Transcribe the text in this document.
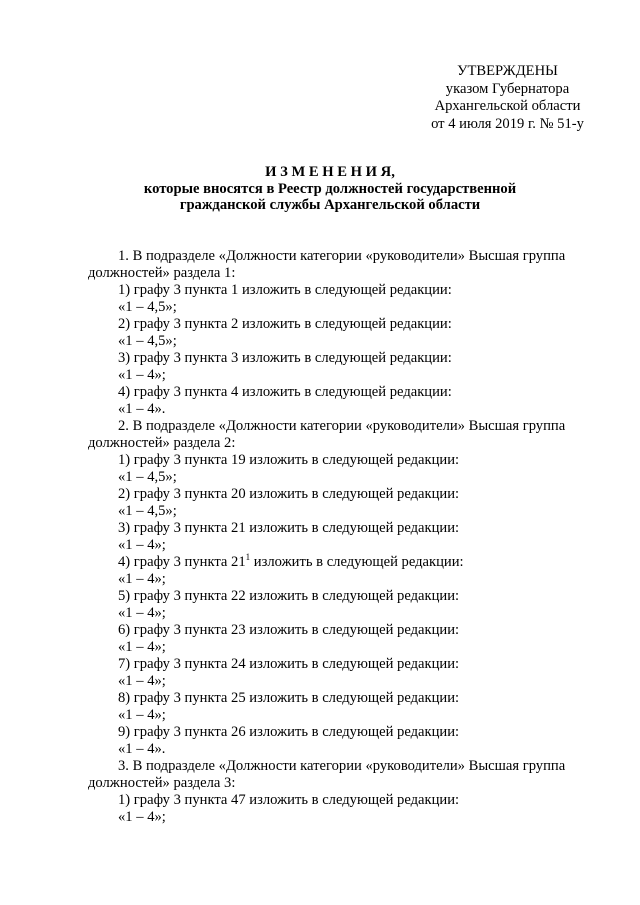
УТВЕРЖДЕНЫ
указом Губернатора
Архангельской области
от 4 июля 2019 г. № 51-у
И З М Е Н Е Н И Я,
которые вносятся в Реестр должностей государственной
гражданской службы Архангельской области
1. В подразделе «Должности категории «руководители» Высшая группа
должностей» раздела 1:
1) графу 3 пункта 1 изложить в следующей редакции:
«1 – 4,5»;
2) графу 3 пункта 2 изложить в следующей редакции:
«1 – 4,5»;
3) графу 3 пункта 3 изложить в следующей редакции:
«1 – 4»;
4) графу 3 пункта 4 изложить в следующей редакции:
«1 – 4».
2. В подразделе «Должности категории «руководители» Высшая группа
должностей» раздела 2:
1) графу 3 пункта 19 изложить в следующей редакции:
«1 – 4,5»;
2) графу 3 пункта 20 изложить в следующей редакции:
«1 – 4,5»;
3) графу 3 пункта 21 изложить в следующей редакции:
«1 – 4»;
4) графу 3 пункта $21^1$ изложить в следующей редакции:
«1 – 4»;
5) графу 3 пункта 22 изложить в следующей редакции:
«1 – 4»;
6) графу 3 пункта 23 изложить в следующей редакции:
«1 – 4»;
7) графу 3 пункта 24 изложить в следующей редакции:
«1 – 4»;
8) графу 3 пункта 25 изложить в следующей редакции:
«1 – 4»;
9) графу 3 пункта 26 изложить в следующей редакции:
«1 – 4».
3. В подразделе «Должности категории «руководители» Высшая группа
должностей» раздела 3:
1) графу 3 пункта 47 изложить в следующей редакции:
«1 – 4»;
